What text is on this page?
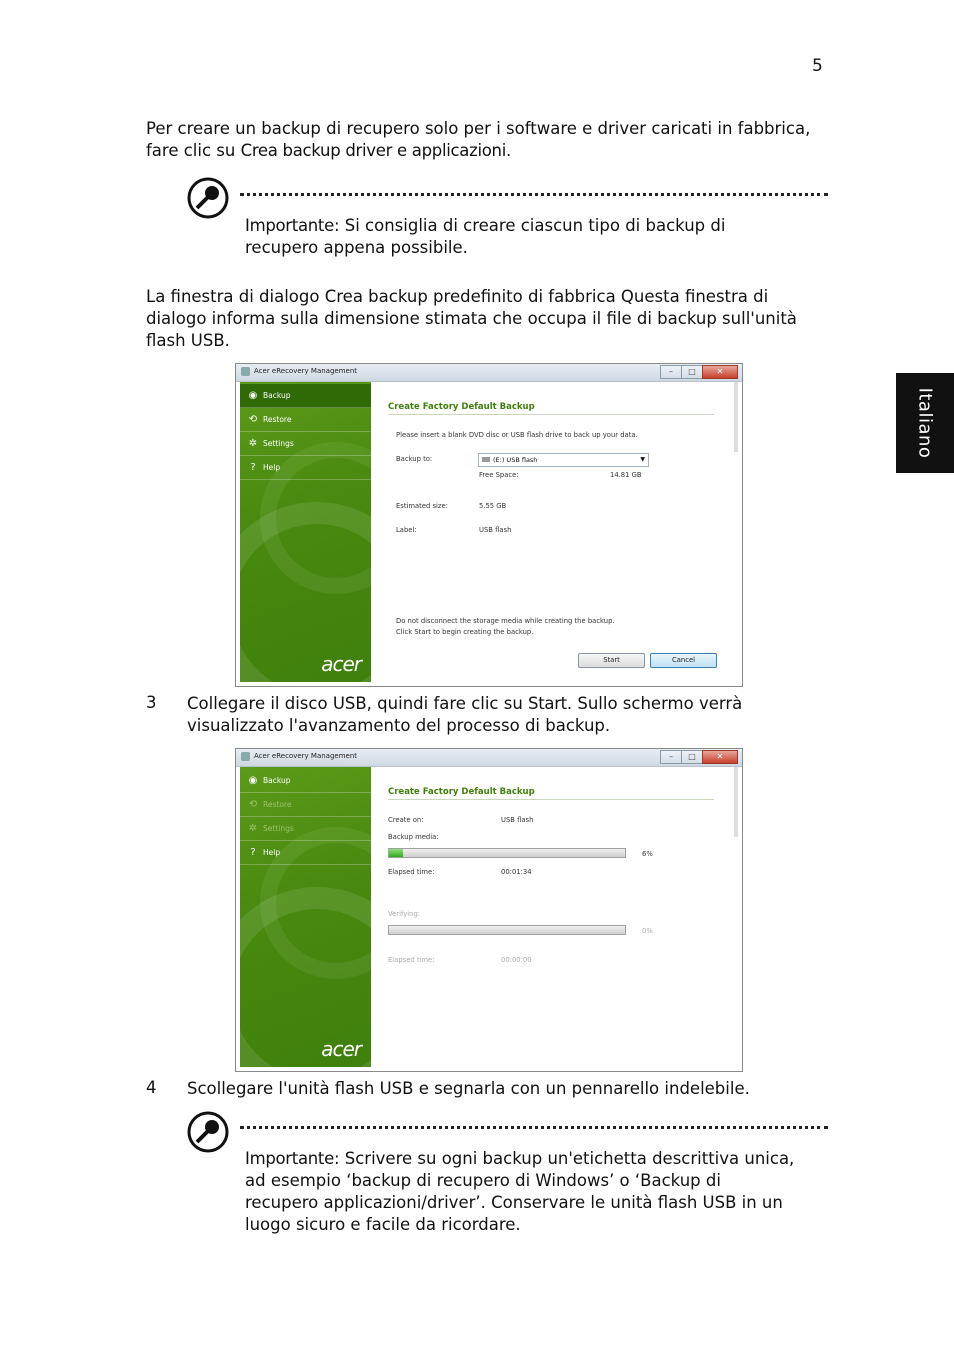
5
Italiano
Per creare un backup di recupero solo per i software e driver caricati in fabbrica,
fare clic su Crea backup driver e applicazioni.
Importante: Si consiglia di creare ciascun tipo di backup di
recupero appena possibile.
La finestra di dialogo Crea backup predefinito di fabbrica Questa finestra di
dialogo informa sulla dimensione stimata che occupa il file di backup sull'unità
flash USB.
Acer eRecovery Management	–	□	✕
◉ Backup
⟲ Restore
✲ Settings
? Help
acer
Create Factory Default Backup
Please insert a blank DVD disc or USB flash drive to back up your data.
Backup to:	(E:) USB flash	▼
Free Space:	14.81 GB
Estimated size:	5.55 GB
Label:	USB flash
Do not disconnect the storage media while creating the backup.
Click Start to begin creating the backup.
Start	Cancel
3 Collegare il disco USB, quindi fare clic su Start. Sullo schermo verrà
visualizzato l'avanzamento del processo di backup.
Acer eRecovery Management	–	□	✕
◉ Backup
⟲ Restore
✲ Settings
? Help
acer
Create Factory Default Backup
Create on:	USB flash
Backup media:
6%
Elapsed time:	00:01:34
Verifying:
0%
Elapsed time:	00:00:00
4 Scollegare l'unità flash USB e segnarla con un pennarello indelebile.
Importante: Scrivere su ogni backup un'etichetta descrittiva unica,
ad esempio ‘backup di recupero di Windows’ o ‘Backup di
recupero applicazioni/driver’. Conservare le unità flash USB in un
luogo sicuro e facile da ricordare.
